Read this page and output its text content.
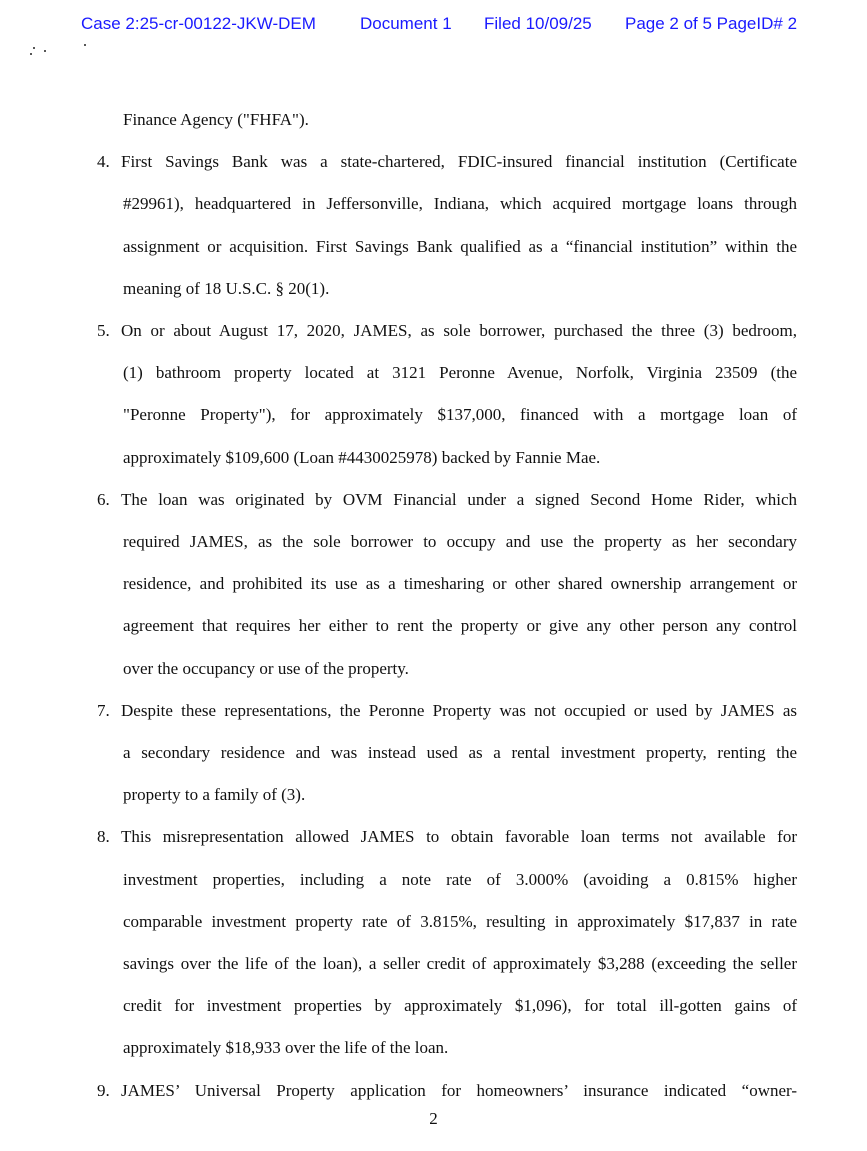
Case 2:25-cr-00122-JKW-DEM	Document 1 Filed 10/09/25 Page 2 of 5 PageID# 2
Finance Agency ("FHFA").
4. First Savings Bank was a state-chartered, FDIC-insured financial institution (Certificate
#29961), headquartered in Jeffersonville, Indiana, which acquired mortgage loans through
assignment or acquisition. First Savings Bank qualified as a “financial institution” within the
meaning of 18 U.S.C. § 20(1).
5. On or about August 17, 2020, JAMES, as sole borrower, purchased the three (3) bedroom,
(1) bathroom property located at 3121 Peronne Avenue, Norfolk, Virginia 23509 (the
"Peronne Property"), for approximately $137,000, financed with a mortgage loan of
approximately $109,600 (Loan #4430025978) backed by Fannie Mae.
6. The loan was originated by OVM Financial under a signed Second Home Rider, which
required JAMES, as the sole borrower to occupy and use the property as her secondary
residence, and prohibited its use as a timesharing or other shared ownership arrangement or
agreement that requires her either to rent the property or give any other person any control
over the occupancy or use of the property.
7. Despite these representations, the Peronne Property was not occupied or used by JAMES as
a secondary residence and was instead used as a rental investment property, renting the
property to a family of (3).
8. This misrepresentation allowed JAMES to obtain favorable loan terms not available for
investment properties, including a note rate of 3.000% (avoiding a 0.815% higher
comparable investment property rate of 3.815%, resulting in approximately $17,837 in rate
savings over the life of the loan), a seller credit of approximately $3,288 (exceeding the seller
credit for investment properties by approximately $1,096), for total ill-gotten gains of
approximately $18,933 over the life of the loan.
9. JAMES’ Universal Property application for homeowners’ insurance indicated “owner-
2
